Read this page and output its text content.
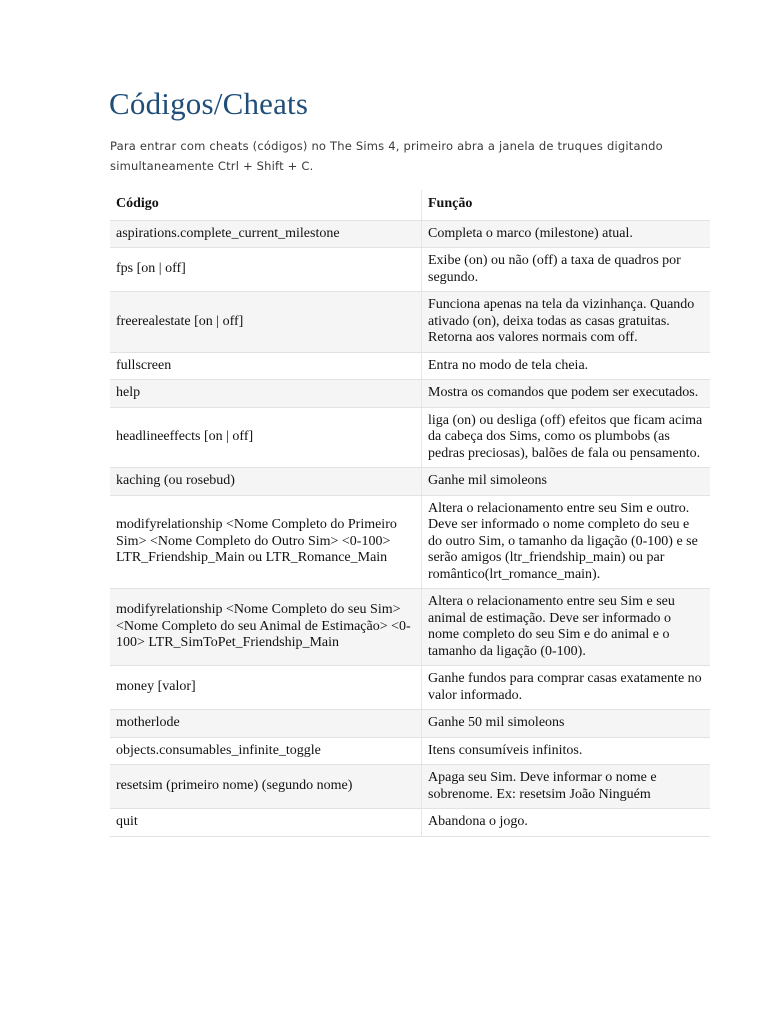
Códigos/Cheats

Para entrar com cheats (códigos) no The Sims 4, primeiro abra a janela de truques digitando simultaneamente Ctrl + Shift + C.

Código	Função
aspirations.complete_current_milestone	Completa o marco (milestone) atual.
fps [on | off]	Exibe (on) ou não (off) a taxa de quadros por segundo.
freerealestate [on | off]	Funciona apenas na tela da vizinhança. Quando ativado (on), deixa todas as casas gratuitas. Retorna aos valores normais com off.
fullscreen	Entra no modo de tela cheia.
help	Mostra os comandos que podem ser executados.
headlineeffects [on | off]	liga (on) ou desliga (off) efeitos que ficam acima da cabeça dos Sims, como os plumbobs (as pedras preciosas), balões de fala ou pensamento.
kaching (ou rosebud)	Ganhe mil simoleons
modifyrelationship <Nome Completo do Primeiro Sim> <Nome Completo do Outro Sim> <0-100> LTR_Friendship_Main ou LTR_Romance_Main	Altera o relacionamento entre seu Sim e outro. Deve ser informado o nome completo do seu e do outro Sim, o tamanho da ligação (0-100) e se serão amigos (ltr_friendship_main) ou par romântico(lrt_romance_main).
modifyrelationship <Nome Completo do seu Sim> <Nome Completo do seu Animal de Estimação> <0-100> LTR_SimToPet_Friendship_Main	Altera o relacionamento entre seu Sim e seu animal de estimação. Deve ser informado o nome completo do seu Sim e do animal e o tamanho da ligação (0-100).
money [valor]	Ganhe fundos para comprar casas exatamente no valor informado.
motherlode	Ganhe 50 mil simoleons
objects.consumables_infinite_toggle	Itens consumíveis infinitos.
resetsim (primeiro nome) (segundo nome)	Apaga seu Sim. Deve informar o nome e sobrenome. Ex: resetsim João Ninguém
quit	Abandona o jogo.
